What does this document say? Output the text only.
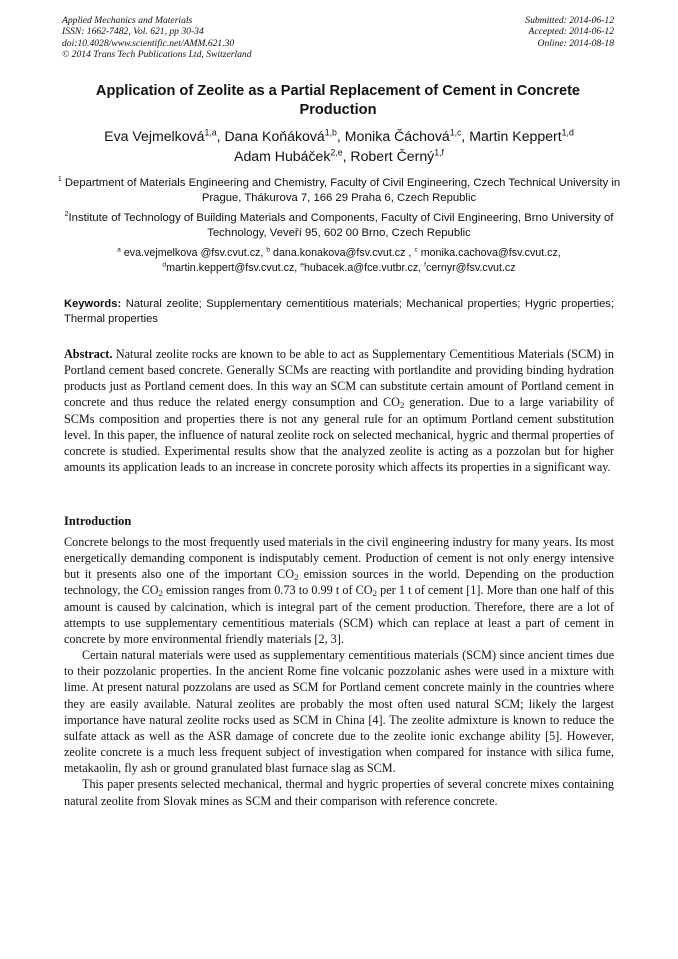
Applied Mechanics and Materials
ISSN: 1662-7482, Vol. 621, pp 30-34
doi:10.4028/www.scientific.net/AMM.621.30
© 2014 Trans Tech Publications Ltd, Switzerland
Submitted: 2014-06-12
Accepted: 2014-06-12
Online: 2014-08-18
Application of Zeolite as a Partial Replacement of Cement in Concrete Production
Eva Vejmelková$^{1,a}$, Dana Koňáková$^{1,b}$, Monika Čáchová$^{1,c}$, Martin Keppert$^{1,d}$
Adam Hubáček$^{2,e}$, Robert Černý$^{1,f}$
$^1$ Department of Materials Engineering and Chemistry, Faculty of Civil Engineering, Czech Technical University in Prague, Thákurova 7, 166 29 Praha 6, Czech Republic
$^2$Institute of Technology of Building Materials and Components, Faculty of Civil Engineering, Brno University of Technology, Veveří 95, 602 00 Brno, Czech Republic
$^a$ eva.vejmelkova @fsv.cvut.cz, $^b$ dana.konakova@fsv.cvut.cz , $^c$ monika.cachova@fsv.cvut.cz,
$^d$martin.keppert@fsv.cvut.cz, $^e$hubacek.a@fce.vutbr.cz, $^f$cernyr@fsv.cvut.cz
Keywords: Natural zeolite; Supplementary cementitious materials; Mechanical properties; Hygric properties; Thermal properties
Abstract. Natural zeolite rocks are known to be able to act as Supplementary Cementitious Materials (SCM) in Portland cement based concrete. Generally SCMs are reacting with portlandite and providing binding hydration products just as Portland cement does. In this way an SCM can substitute certain amount of Portland cement in concrete and thus reduce the related energy consumption and $CO_2$ generation. Due to a large variability of SCMs composition and properties there is not any general rule for an optimum Portland cement substitution level. In this paper, the influence of natural zeolite rock on selected mechanical, hygric and thermal properties of concrete is studied. Experimental results show that the analyzed zeolite is acting as a pozzolan but for higher amounts its application leads to an increase in concrete porosity which affects its properties in a significant way.
Introduction

Concrete belongs to the most frequently used materials in the civil engineering industry for many years. Its most energetically demanding component is indisputably cement. Production of cement is not only energy intensive but it presents also one of the important $CO_2$ emission sources in the world. Depending on the production technology, the $CO_2$ emission ranges from 0.73 to 0.99 t of $CO_2$ per 1 t of cement [1]. More than one half of this amount is caused by calcination, which is integral part of the cement production. Therefore, there are a lot of attempts to use supplementary cementitious materials (SCM) which can replace at least a part of cement in concrete by more environmental friendly materials [2, 3].

Certain natural materials were used as supplementary cementitious materials (SCM) since ancient times due to their pozzolanic properties. In the ancient Rome fine volcanic pozzolanic ashes were used in a mixture with lime. At present natural pozzolans are used as SCM for Portland cement concrete mainly in the countries where they are easily available. Natural zeolites are probably the most often used natural SCM; likely the largest importance have natural zeolite rocks used as SCM in China [4]. The zeolite admixture is known to reduce the sulfate attack as well as the ASR damage of concrete due to the zeolite ionic exchange ability [5]. However, zeolite concrete is a much less frequent subject of investigation when compared for instance with silica fume, metakaolin, fly ash or ground granulated blast furnace slag as SCM.

This paper presents selected mechanical, thermal and hygric properties of several concrete mixes containing natural zeolite from Slovak mines as SCM and their comparison with reference concrete.
